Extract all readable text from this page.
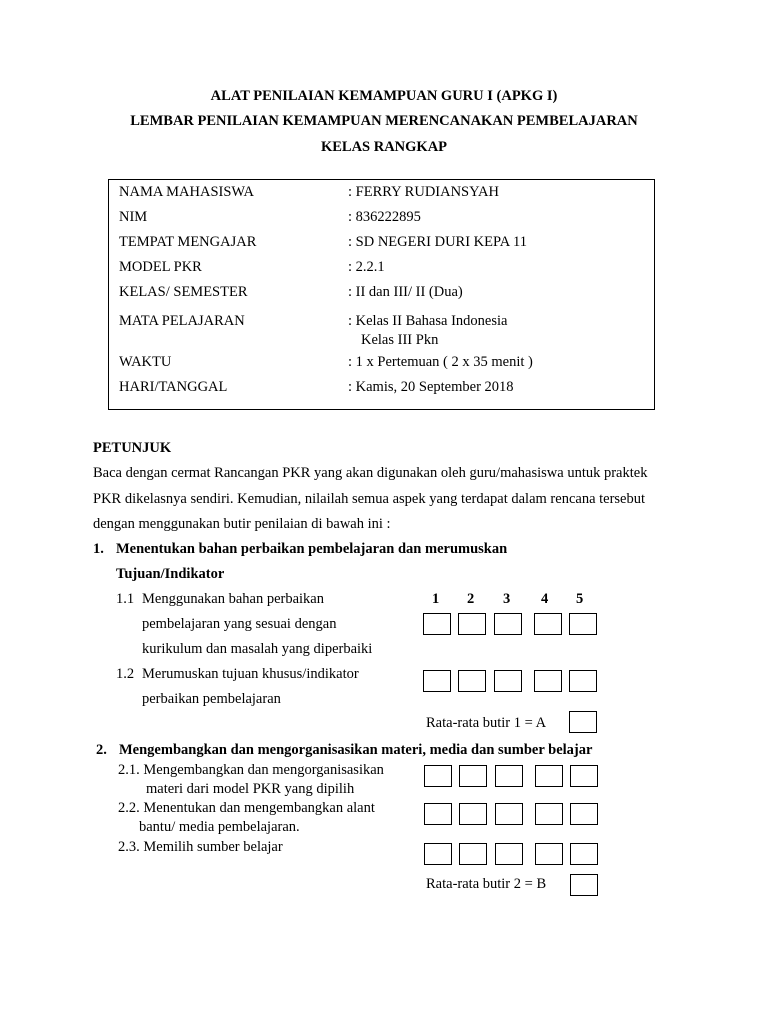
ALAT PENILAIAN KEMAMPUAN GURU I (APKG I)
LEMBAR PENILAIAN KEMAMPUAN MERENCANAKAN PEMBELAJARAN
KELAS RANGKAP
NAMA MAHASISWA	: FERRY RUDIANSYAH
NIM	: 836222895
TEMPAT MENGAJAR	: SD NEGERI DURI KEPA 11
MODEL PKR	: 2.2.1
KELAS/ SEMESTER	: II dan III/ II (Dua)
MATA PELAJARAN	: Kelas II Bahasa Indonesia
Kelas III Pkn
WAKTU	: 1 x Pertemuan ( 2 x 35 menit )
HARI/TANGGAL	: Kamis, 20 September 2018
PETUNJUK
Baca dengan cermat Rancangan PKR yang akan digunakan oleh guru/mahasiswa untuk praktek
PKR dikelasnya sendiri. Kemudian, nilailah semua aspek yang terdapat dalam rencana tersebut
dengan menggunakan butir penilaian di bawah ini :
1. Menentukan bahan perbaikan pembelajaran dan merumuskan
Tujuan/Indikator
1 2 3 4 5
1.1 Menggunakan bahan perbaikan
pembelajaran yang sesuai dengan
kurikulum dan masalah yang diperbaiki
1.2 Merumuskan tujuan khusus/indikator
perbaikan pembelajaran
Rata-rata butir 1 = A
2. Mengembangkan dan mengorganisasikan materi, media dan sumber belajar
2.1. Mengembangkan dan mengorganisasikan
materi dari model PKR yang dipilih
2.2. Menentukan dan mengembangkan alant
bantu/ media pembelajaran.
2.3. Memilih sumber belajar
Rata-rata butir 2 = B
